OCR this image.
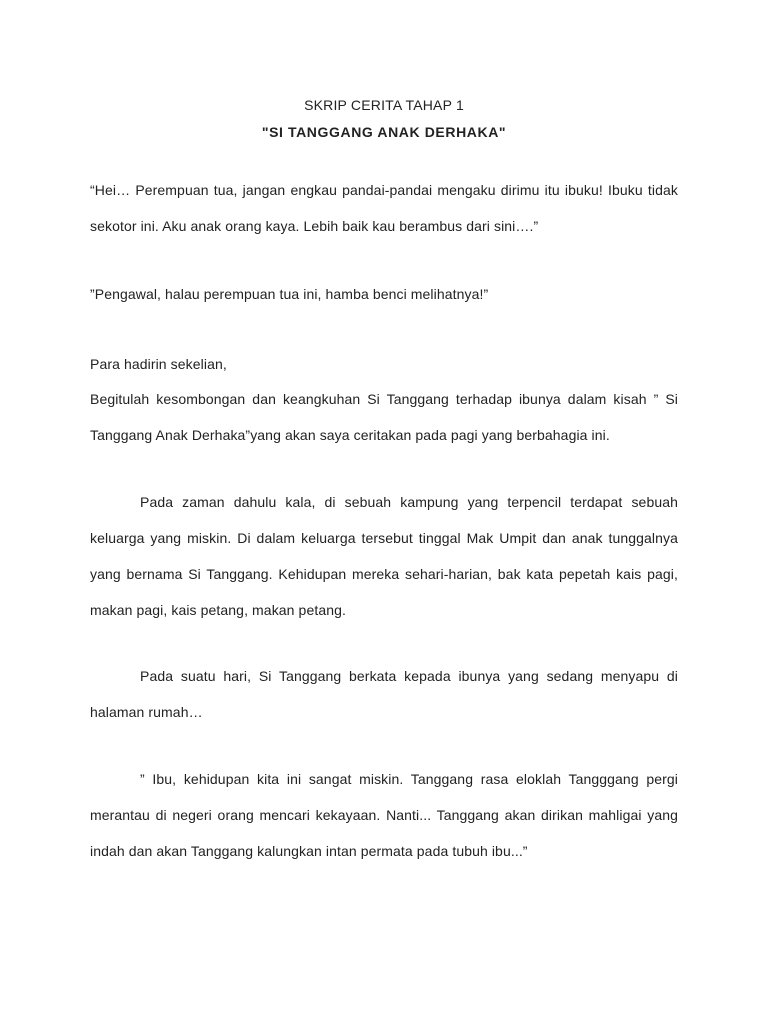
SKRIP CERITA TAHAP 1
"SI TANGGANG ANAK DERHAKA"

“Hei… Perempuan tua, jangan engkau pandai-pandai mengaku dirimu itu ibuku! Ibuku tidak sekotor ini. Aku anak orang kaya. Lebih baik kau berambus dari sini….”

”Pengawal, halau perempuan tua ini, hamba benci melihatnya!”

Para hadirin sekelian,

Begitulah kesombongan dan keangkuhan Si Tanggang terhadap ibunya dalam kisah ” Si Tanggang Anak Derhaka”yang akan saya ceritakan pada pagi yang berbahagia ini.

Pada zaman dahulu kala, di sebuah kampung yang terpencil terdapat sebuah keluarga yang miskin. Di dalam keluarga tersebut tinggal Mak Umpit dan anak tunggalnya yang bernama Si Tanggang. Kehidupan mereka sehari-harian, bak kata pepetah kais pagi, makan pagi, kais petang, makan petang.

Pada suatu hari, Si Tanggang berkata kepada ibunya yang sedang menyapu di halaman rumah…

” Ibu, kehidupan kita ini sangat miskin. Tanggang rasa eloklah Tangggang pergi merantau di negeri orang mencari kekayaan. Nanti... Tanggang akan dirikan mahligai yang indah dan akan Tanggang kalungkan intan permata pada tubuh ibu...”
